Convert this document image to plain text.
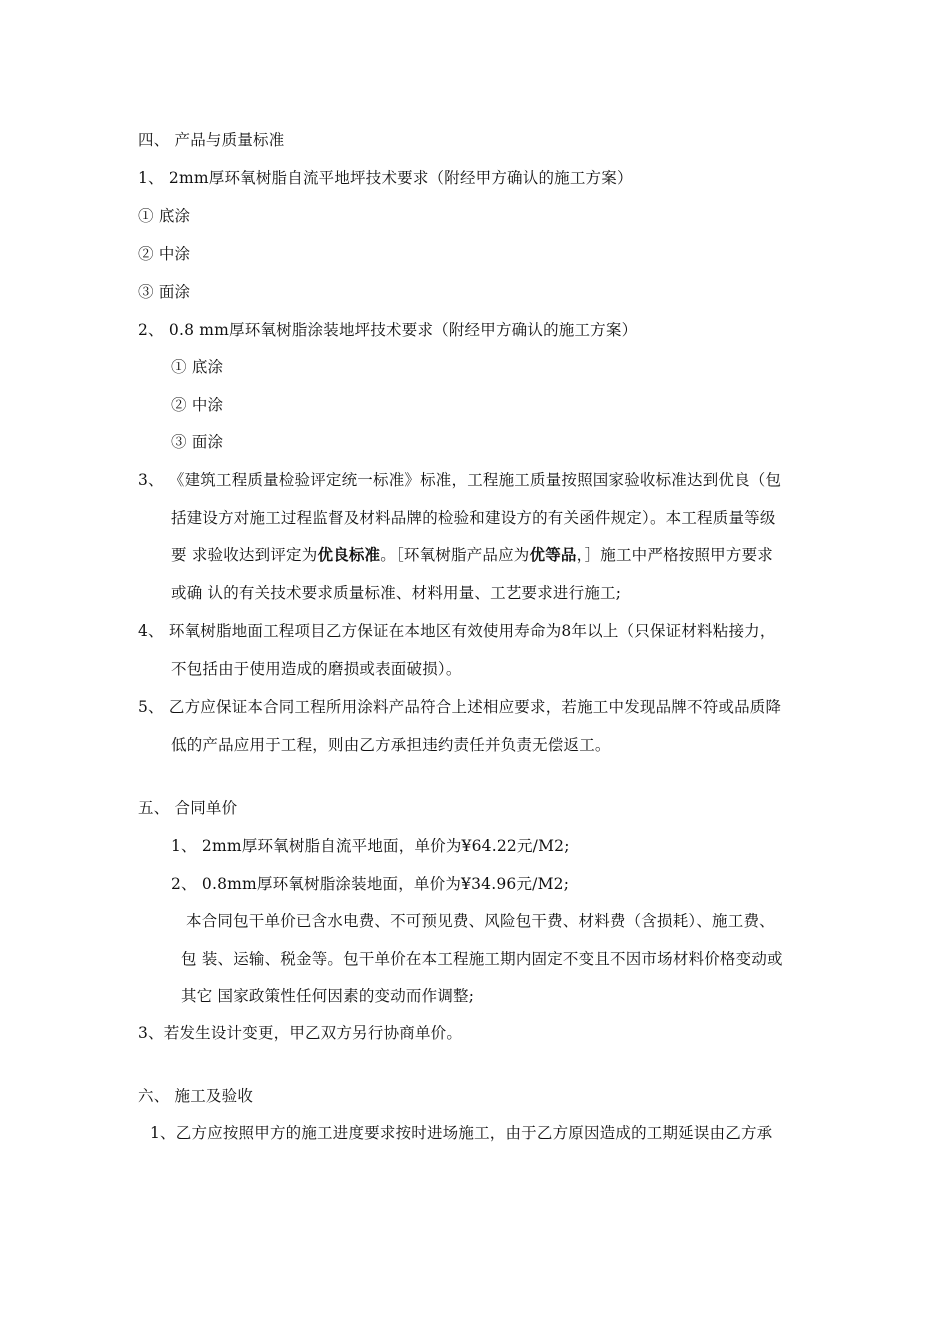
四、 产品与质量标准
1、 2mm厚环氧树脂自流平地坪技术要求（附经甲方确认的施工方案）
① 底涂
② 中涂
③ 面涂
2、 0.8 mm厚环氧树脂涂装地坪技术要求（附经甲方确认的施工方案）
① 底涂
② 中涂
③ 面涂
3、 《建筑工程质量检验评定统一标准》标准，工程施工质量按照国家验收标准达到优良（包
括建设方对施工过程监督及材料品牌的检验和建设方的有关函件规定）。本工程质量等级
要 求验收达到评定为优良标准。［环氧树脂产品应为优等品，］施工中严格按照甲方要求
或确 认的有关技术要求质量标准、材料用量、工艺要求进行施工;
4、 环氧树脂地面工程项目乙方保证在本地区有效使用寿命为8年以上（只保证材料粘接力，
不包括由于使用造成的磨损或表面破损）。
5、 乙方应保证本合同工程所用涂料产品符合上述相应要求，若施工中发现品牌不符或品质降
低的产品应用于工程，则由乙方承担违约责任并负责无偿返工。
五、 合同单价
1、 2mm厚环氧树脂自流平地面，单价为¥64.22元/M2;
2、 0.8mm厚环氧树脂涂装地面，单价为¥34.96元/M2;
本合同包干单价已含水电费、不可预见费、风险包干费、材料费（含损耗）、施工费、
包 装、运输、税金等。包干单价在本工程施工期内固定不变且不因市场材料价格变动或
其它 国家政策性任何因素的变动而作调整;
3、若发生设计变更，甲乙双方另行协商单价。
六、 施工及验收
1、乙方应按照甲方的施工进度要求按时进场施工，由于乙方原因造成的工期延误由乙方承
